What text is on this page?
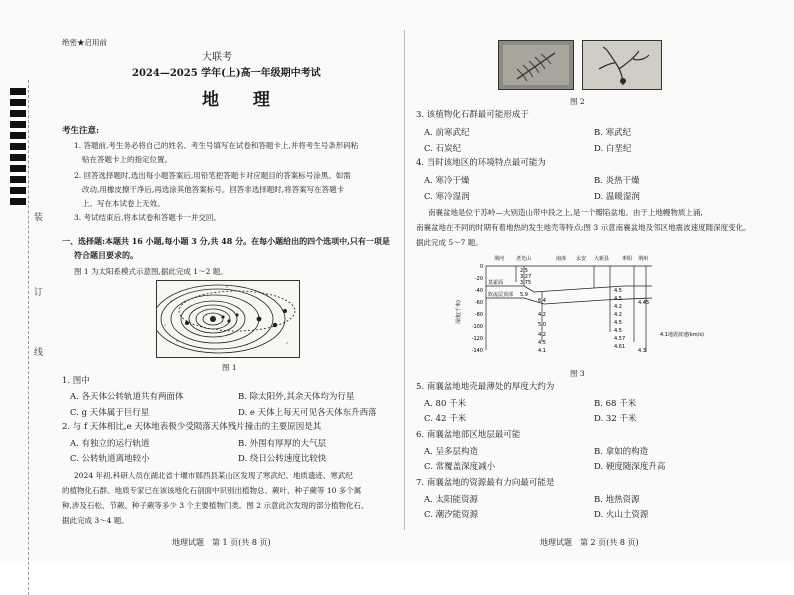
装
订
线
绝密★启用前
大联考
2024—2025 学年(上)高一年级期中考试
地 理
考生注意:
1. 答题前,考生务必将自己的姓名、考生号填写在试卷和答题卡上,并将考生号条形码粘
贴在答题卡上的指定位置。
2. 回答选择题时,选出每小题答案后,用铅笔把答题卡对应题目的答案标号涂黑。如需
改动,用橡皮擦干净后,再选涂其他答案标号。回答非选择题时,将答案写在答题卡
上。写在本试卷上无效。
3. 考试结束后,将本试卷和答题卡一并交回。
一、选择题:本题共 16 小题,每小题 3 分,共 48 分。在每小题给出的四个选项中,只有一项是
符合题目要求的。
图 1 为太阳系模式示意图,据此完成 1～2 题。
图 1
1. 图中
A. 各天体公转轨道共有两面体	B. 除太阳外,其余天体均为行星
C. g 天体属于巨行星	D. e 天体上每天可见各天体东升西落
2. 与 f 天体相比,e 天体地表极少受陨落天体残片撞击的主要原因是其
A. 有独立的运行轨道	B. 外围有厚厚的大气层
C. 公转轨道离地较小	D. 绕日公转速度比较快
2024 年初,科研人员在湖北省十堰市郧西县某山区发现了寒武纪、地质遗迹、寒武纪
的植物化石群。地质专家已在该该地化石剖面中识别出植物总、蕨叶、种子蕨等 10 多个属
种,涉及石松、节蕨、种子蕨等多少 3 个主要植物门类。图 2 示意此次发现的部分植物化石。
据此完成 3～4 题。
地理试题　第 1 页(共 8 页)
图 2
3. 该植物化石群最可能形成于
A. 前寒武纪	B. 寒武纪
C. 石炭纪	D. 白垩纪
4. 当时该地区的环境特点最可能为
A. 寒冷干燥	B. 炎热干燥
C. 寒冷湿润	D. 温暖湿润
南襄盆地是位于苏岭—大别造山带中段之上,是一个瓣陷盆地。由于上地幔物质上涌,
南襄盆地在不同的时期有着地热的发生地壳等特点;图 3 示意南襄盆地及邻区地震波速度随深度变化。
据此完成 5～7 题。
荆河 老光山	南漳 永安 大新县	枣阳 荆州
0
-20
-40
-60
-80
-100
-120
-140
深度(千米)
莫霍面
软流层顶部
2.5
3.27
3.75
5.9
6.4
4.2
5.0
4.2
4.5
4.1
4.5
4.5
4.2
4.2
4.5
4.5
4.57
4.61
4.45
4.3
4.1地震波速(km/s)
图 3
5. 南襄盆地地壳最薄处的厚度大约为
A. 80 千米	B. 68 千米
C. 42 千米	D. 32 千米
6. 南襄盆地部区地层最可能
A. 呈多层构造	B. 拿如的构造
C. 常覆盖深度减小	D. 硬度随深度升高
7. 南襄盆地的资源最有力向最可能是
A. 太阳能资源	B. 地热资源
C. 潮汐能资源	D. 火山土资源
地理试题　第 2 页(共 8 页)
